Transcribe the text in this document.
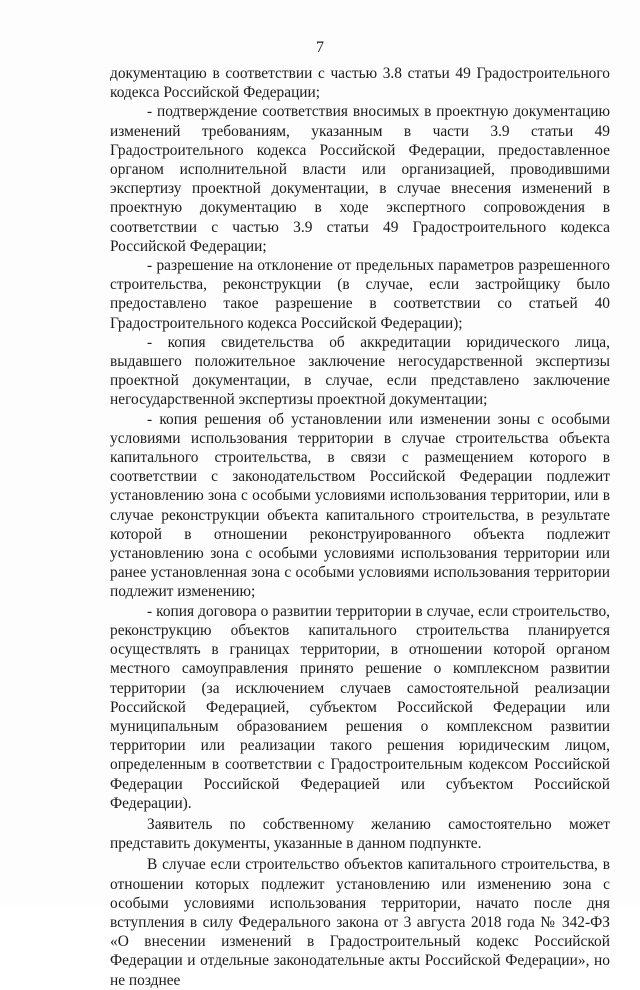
7

документацию в соответствии с частью 3.8 статьи 49 Градостроительного кодекса Российской Федерации;

- подтверждение соответствия вносимых в проектную документацию изменений требованиям, указанным в части 3.9 статьи 49 Градостроительного кодекса Российской Федерации, предоставленное органом исполнительной власти или организацией, проводившими экспертизу проектной документации, в случае внесения изменений в проектную документацию в ходе экспертного сопровождения в соответствии с частью 3.9 статьи 49 Градостроительного кодекса Российской Федерации;

- разрешение на отклонение от предельных параметров разрешенного строительства, реконструкции (в случае, если застройщику было предоставлено такое разрешение в соответствии со статьей 40 Градостроительного кодекса Российской Федерации);

- копия свидетельства об аккредитации юридического лица, выдавшего положительное заключение негосударственной экспертизы проектной документации, в случае, если представлено заключение негосударственной экспертизы проектной документации;

- копия решения об установлении или изменении зоны с особыми условиями использования территории в случае строительства объекта капитального строительства, в связи с размещением которого в соответствии с законодательством Российской Федерации подлежит установлению зона с особыми условиями использования территории, или в случае реконструкции объекта капитального строительства, в результате которой в отношении реконструированного объекта подлежит установлению зона с особыми условиями использования территории или ранее установленная зона с особыми условиями использования территории подлежит изменению;

- копия договора о развитии территории в случае, если строительство, реконструкцию объектов капитального строительства планируется осуществлять в границах территории, в отношении которой органом местного самоуправления принято решение о комплексном развитии территории (за исключением случаев самостоятельной реализации Российской Федерацией, субъектом Российской Федерации или муниципальным образованием решения о комплексном развитии территории или реализации такого решения юридическим лицом, определенным в соответствии с Градостроительным кодексом Российской Федерации Российской Федерацией или субъектом Российской Федерации).

Заявитель по собственному желанию самостоятельно может представить документы, указанные в данном подпункте.

В случае если строительство объектов капитального строительства, в отношении которых подлежит установлению или изменению зона с особыми условиями использования территории, начато после дня вступления в силу Федерального закона от 3 августа 2018 года № 342-ФЗ «О внесении изменений в Градостроительный кодекс Российской Федерации и отдельные законодательные акты Российской Федерации», но не позднее
